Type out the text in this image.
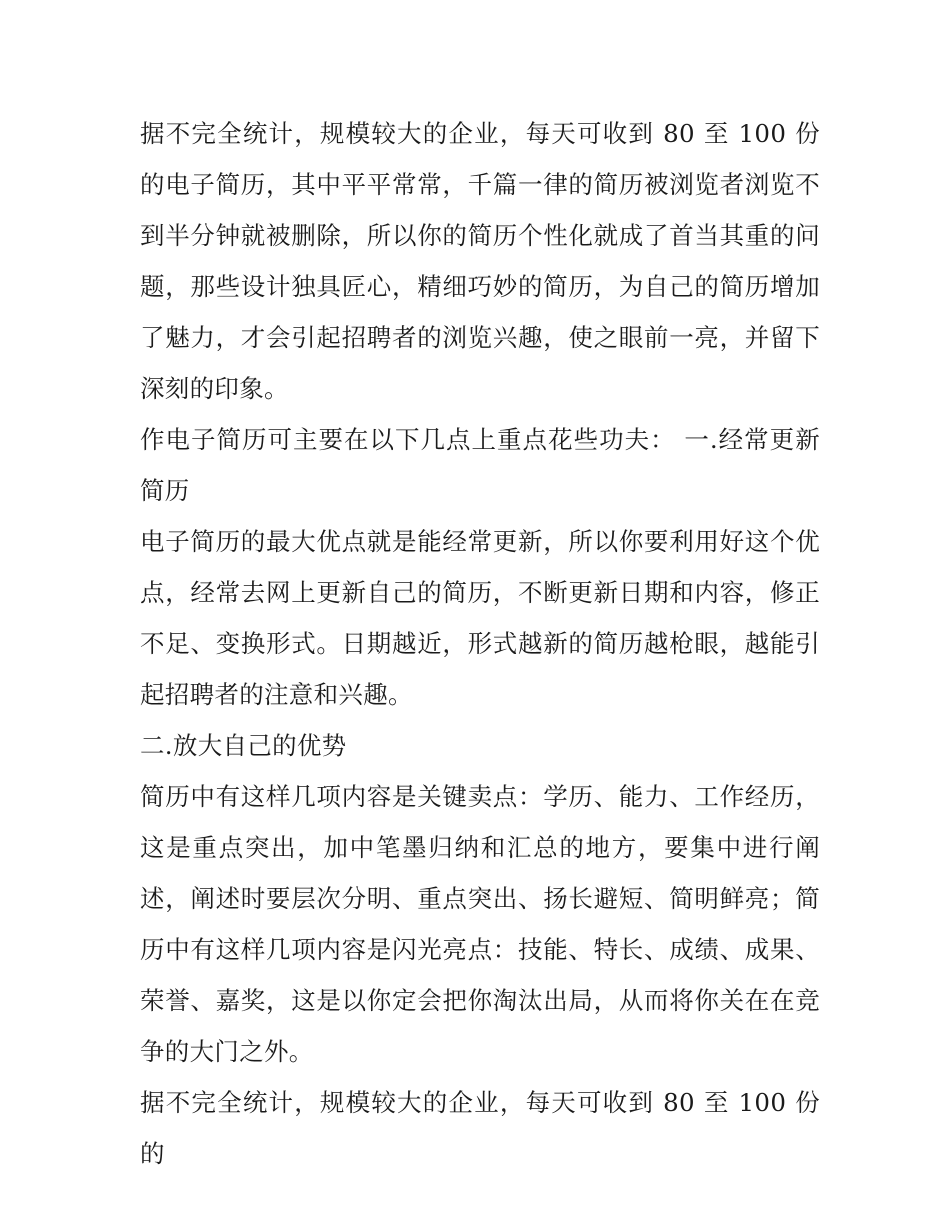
据不完全统计，规模较大的企业，每天可收到 80 至 100 份的电子简历，其中平平常常，千篇一律的简历被浏览者浏览不到半分钟就被删除，所以你的简历个性化就成了首当其重的问题，那些设计独具匠心，精细巧妙的简历，为自己的简历增加了魅力，才会引起招聘者的浏览兴趣，使之眼前一亮，并留下深刻的印象。

作电子简历可主要在以下几点上重点花些功夫： 一.经常更新简历

电子简历的最大优点就是能经常更新，所以你要利用好这个优点，经常去网上更新自己的简历，不断更新日期和内容，修正不足、变换形式。日期越近，形式越新的简历越枪眼，越能引起招聘者的注意和兴趣。

二.放大自己的优势

简历中有这样几项内容是关键卖点：学历、能力、工作经历，这是重点突出，加中笔墨归纳和汇总的地方，要集中进行阐述，阐述时要层次分明、重点突出、扬长避短、简明鲜亮；简历中有这样几项内容是闪光亮点：技能、特长、成绩、成果、荣誉、嘉奖，这是以你定会把你淘汰出局，从而将你关在在竞争的大门之外。

据不完全统计，规模较大的企业，每天可收到 80 至 100 份的
